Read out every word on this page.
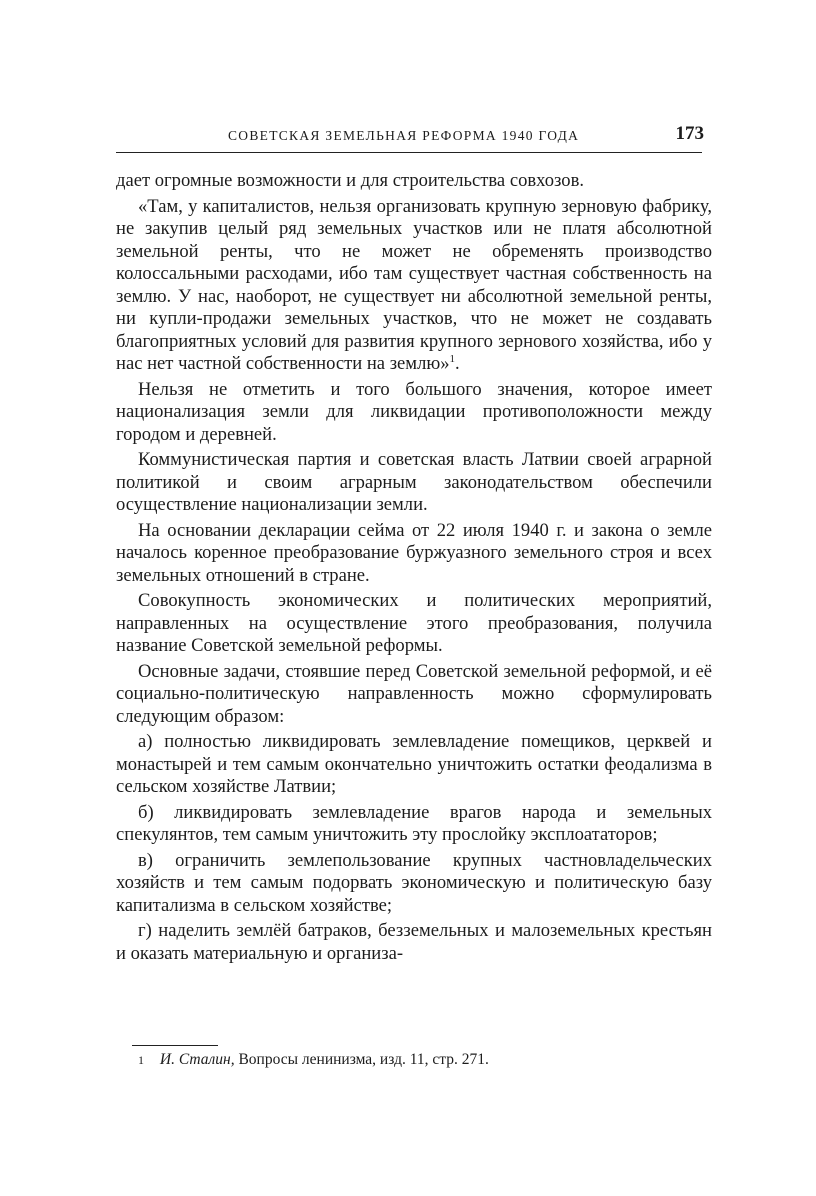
СОВЕТСКАЯ ЗЕМЕЛЬНАЯ РЕФОРМА 1940 ГОДА	173

дает огромные возможности и для строительства совхозов.

«Там, у капиталистов, нельзя организовать крупную зерновую фабрику, не закупив целый ряд земельных участков или не платя абсолютной земельной ренты, что не может не обременять производство колоссальными расходами, ибо там существует частная собственность на землю. У нас, наоборот, не существует ни абсолютной земельной ренты, ни купли-продажи земельных участков, что не может не создавать благоприятных условий для развития крупного зернового хозяйства, ибо у нас нет частной собственности на землю»$^1$.

Нельзя не отметить и того большого значения, которое имеет национализация земли для ликвидации противоположности между городом и деревней.

Коммунистическая партия и советская власть Латвии своей аграрной политикой и своим аграрным законодательством обеспечили осуществление национализации земли.

На основании декларации сейма от 22 июля 1940 г. и закона о земле началось коренное преобразование буржуазного земельного строя и всех земельных отношений в стране.

Совокупность экономических и политических мероприятий, направленных на осуществление этого преобразования, получила название Советской земельной реформы.

Основные задачи, стоявшие перед Советской земельной реформой, и её социально-политическую направленность можно сформулировать следующим образом:

а) полностью ликвидировать землевладение помещиков, церквей и монастырей и тем самым окончательно уничтожить остатки феодализма в сельском хозяйстве Латвии;

б) ликвидировать землевладение врагов народа и земельных спекулянтов, тем самым уничтожить эту прослойку эксплоататоров;

в) ограничить землепользование крупных частновладельческих хозяйств и тем самым подорвать экономическую и политическую базу капитализма в сельском хозяйстве;

г) наделить землёй батраков, безземельных и малоземельных крестьян и оказать материальную и организа-

1 И. Сталин, Вопросы ленинизма, изд. 11, стр. 271.
